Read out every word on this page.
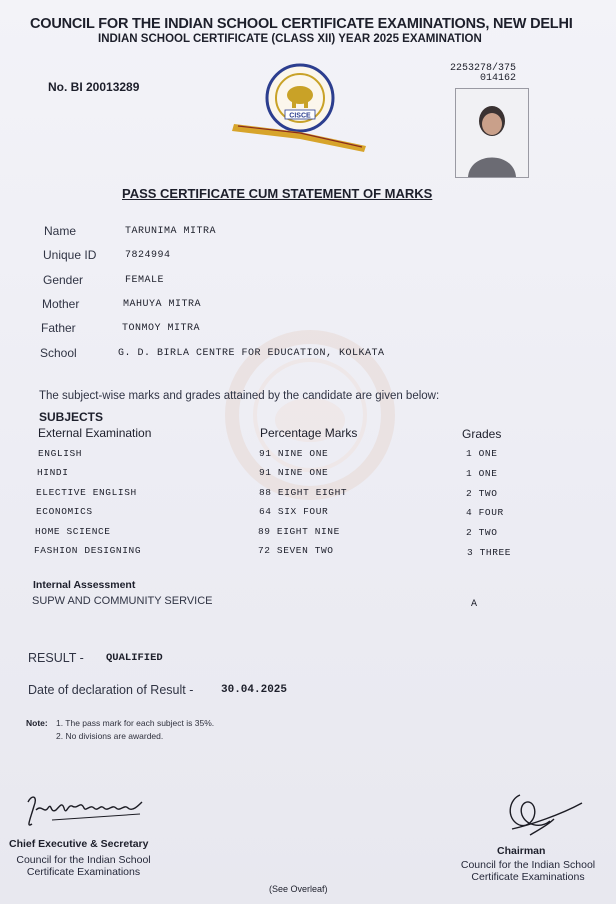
COUNCIL FOR THE INDIAN SCHOOL CERTIFICATE EXAMINATIONS, NEW DELHI
INDIAN SCHOOL CERTIFICATE (CLASS XII) YEAR 2025 EXAMINATION
No. BI 20013289
2253278/375
014162
CISCE
PASS CERTIFICATE CUM STATEMENT OF MARKS
Name	TARUNIMA MITRA
Unique ID	7824994
Gender	FEMALE
Mother	MAHUYA MITRA
Father	TONMOY MITRA
School	G. D. BIRLA CENTRE FOR EDUCATION, KOLKATA
The subject-wise marks and grades attained by the candidate are given below:
SUBJECTS
External Examination	Percentage Marks	Grades
ENGLISH	91 NINE ONE	1 ONE
HINDI	91 NINE ONE	1 ONE
ELECTIVE ENGLISH	88 EIGHT EIGHT	2 TWO
ECONOMICS	64 SIX FOUR	4 FOUR
HOME SCIENCE	89 EIGHT NINE	2 TWO
FASHION DESIGNING	72 SEVEN TWO	3 THREE
Internal Assessment
SUPW AND COMMUNITY SERVICE	A
RESULT - QUALIFIED
Date of declaration of Result -	30.04.2025
Note: 1. The pass mark for each subject is 35%.
2. No divisions are awarded.
Chief Executive & Secretary
Council for the Indian School
Certificate Examinations
Chairman
Council for the Indian School
Certificate Examinations
(See Overleaf)
